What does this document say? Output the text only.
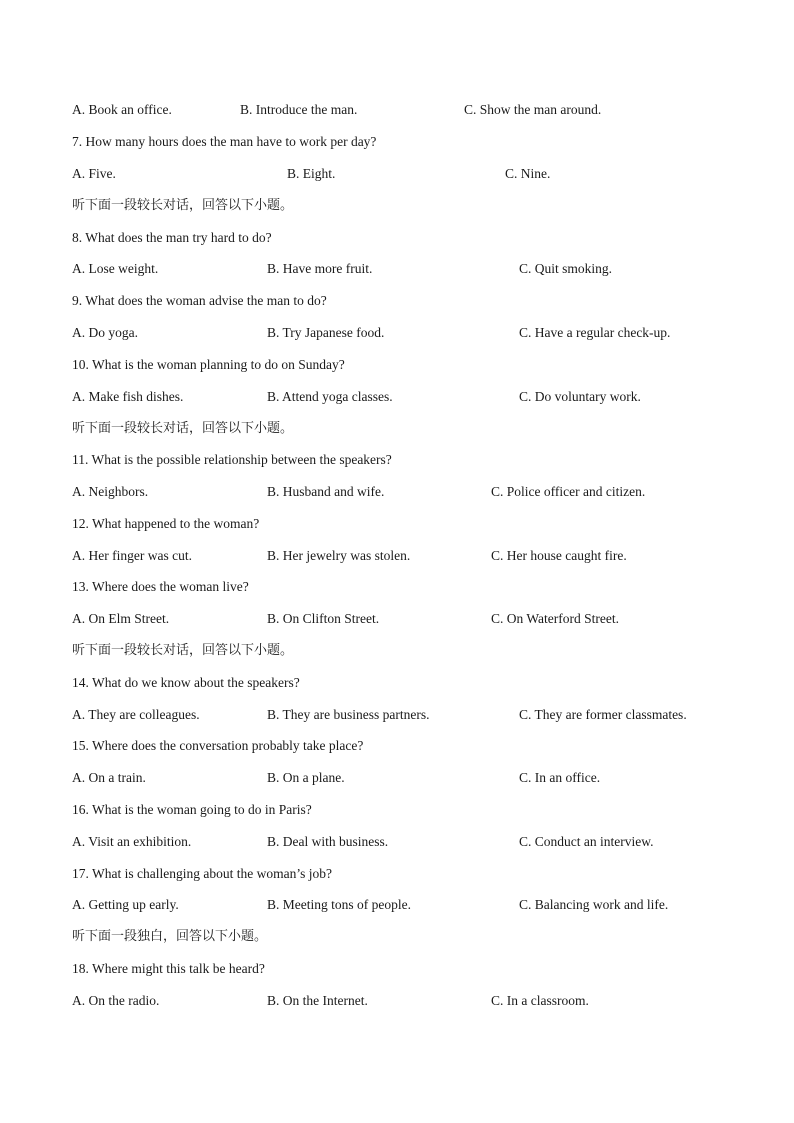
A. Book an office.	B. Introduce the man.	C. Show the man around.
7. How many hours does the man have to work per day?
A. Five.	B. Eight.	C. Nine.
听下面一段较长对话，回答以下小题。
8. What does the man try hard to do?
A. Lose weight.	B. Have more fruit.	C. Quit smoking.
9. What does the woman advise the man to do?
A. Do yoga.	B. Try Japanese food.	C. Have a regular check-up.
10. What is the woman planning to do on Sunday?
A. Make fish dishes.	B. Attend yoga classes.	C. Do voluntary work.
听下面一段较长对话，回答以下小题。
11. What is the possible relationship between the speakers?
A. Neighbors.	B. Husband and wife.	C. Police officer and citizen.
12. What happened to the woman?
A. Her finger was cut.	B. Her jewelry was stolen.	C. Her house caught fire.
13. Where does the woman live?
A. On Elm Street.	B. On Clifton Street.	C. On Waterford Street.
听下面一段较长对话，回答以下小题。
14. What do we know about the speakers?
A. They are colleagues.	B. They are business partners.	C. They are former classmates.
15. Where does the conversation probably take place?
A. On a train.	B. On a plane.	C. In an office.
16. What is the woman going to do in Paris?
A. Visit an exhibition.	B. Deal with business.	C. Conduct an interview.
17. What is challenging about the woman’s job?
A. Getting up early.	B. Meeting tons of people.	C. Balancing work and life.
听下面一段独白，回答以下小题。
18. Where might this talk be heard?
A. On the radio.	B. On the Internet.	C. In a classroom.
